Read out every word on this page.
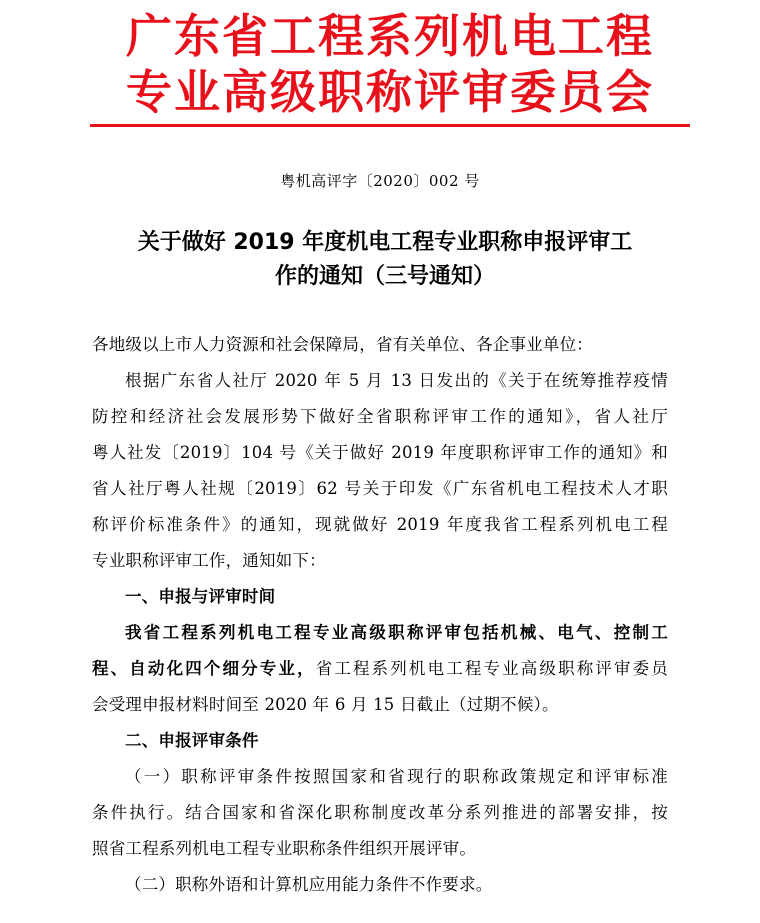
广东省工程系列机电工程
专业高级职称评审委员会
粤机高评字〔2020〕002 号
关于做好 2019 年度机电工程专业职称申报评审工
作的通知（三号通知）
各地级以上市人力资源和社会保障局，省有关单位、各企事业单位：
根据广东省人社厅 2020 年 5 月 13 日发出的《关于在统筹推荐疫情
防控和经济社会发展形势下做好全省职称评审工作的通知》，省人社厅
粤人社发〔2019〕104 号《关于做好 2019 年度职称评审工作的通知》和
省人社厅粤人社规〔2019〕62 号关于印发《广东省机电工程技术人才职
称评价标准条件》的通知，现就做好 2019 年度我省工程系列机电工程
专业职称评审工作，通知如下：
一、申报与评审时间
我省工程系列机电工程专业高级职称评审包括机械、电气、控制工
程、自动化四个细分专业，省工程系列机电工程专业高级职称评审委员
会受理申报材料时间至 2020 年 6 月 15 日截止（过期不候）。
二、申报评审条件
（一）职称评审条件按照国家和省现行的职称政策规定和评审标准
条件执行。结合国家和省深化职称制度改革分系列推进的部署安排，按
照省工程系列机电工程专业职称条件组织开展评审。
（二）职称外语和计算机应用能力条件不作要求。
